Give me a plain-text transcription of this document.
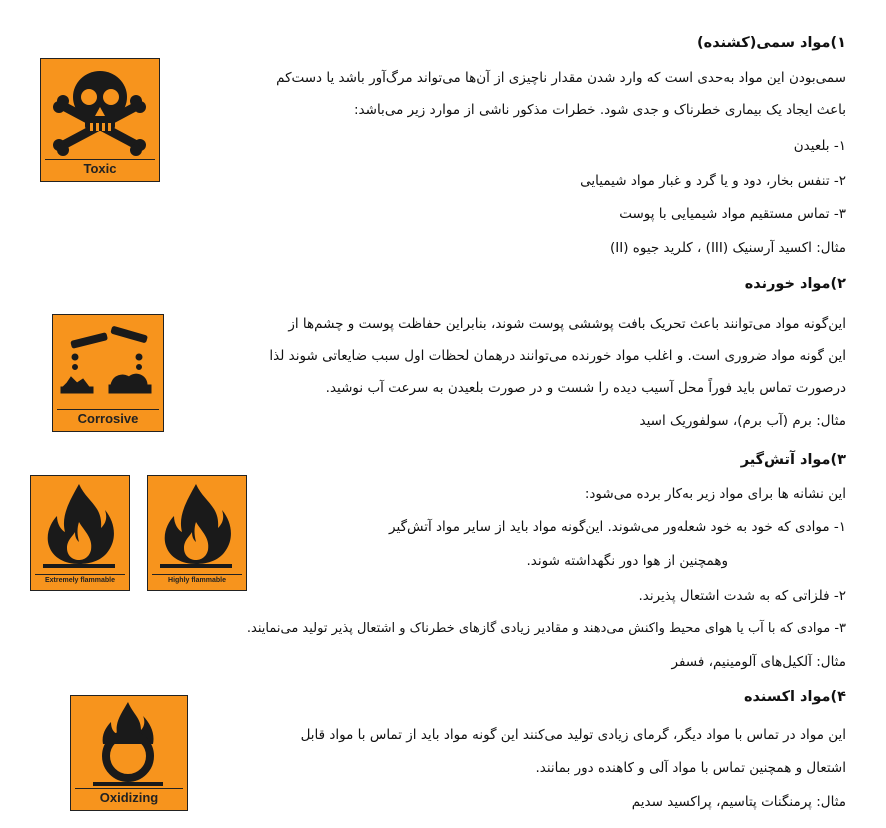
۱)مواد سمی(کشنده)
Toxic
سمی‌بودن این مواد به‌حدی است که وارد شدن مقدار ناچیزی از آن‌ها می‌تواند مرگ‌آور باشد یا دست‌کم
باعث ایجاد یک بیماری خطرناک و جدی شود. خطرات مذکور ناشی از موارد زیر می‌باشد:
۱- بلعیدن
۲- تنفس بخار، دود و یا گرد و غبار مواد شیمیایی
۳- تماس مستقیم مواد شیمیایی با پوست
مثال: اکسید آرسنیک (III) ، کلرید جیوه (II)
۲)مواد خورنده
Corrosive
این‌گونه مواد می‌توانند باعث تحریک بافت پوششی پوست شوند، بنابراین حفاظت پوست و چشم‌ها از
این گونه مواد ضروری است. و اغلب مواد خورنده می‌توانند درهمان لحظات اول سبب ضایعاتی شوند لذا
درصورت تماس باید فوراً محل آسیب دیده را شست و در صورت بلعیدن به سرعت آب نوشید.
مثال: برم (آب برم)، سولفوریک اسید
۳)مواد آتش‌گیر
Extremely flammable	Highly flammable
این نشانه ها برای مواد زیر به‌کار برده می‌شود:
۱- موادی که خود به خود شعله‌ور می‌شوند. این‌گونه مواد باید از سایر مواد آتش‌گیر
وهمچنین از هوا دور نگهداشته شوند.
۲- فلزاتی که به شدت اشتعال پذیرند.
۳- موادی که با آب یا هوای محیط واکنش می‌دهند و مقادیر زیادی گازهای خطرناک و اشتعال پذیر تولید می‌نمایند.
مثال: آلکیل‌های آلومینیم، فسفر
۴)مواد اکسنده
Oxidizing
این مواد در تماس با مواد دیگر، گرمای زیادی تولید می‌کنند این گونه مواد باید از تماس با مواد قابل
اشتعال و همچنین تماس با مواد آلی و کاهنده دور بمانند.
مثال: پرمنگنات پتاسیم، پراکسید سدیم
